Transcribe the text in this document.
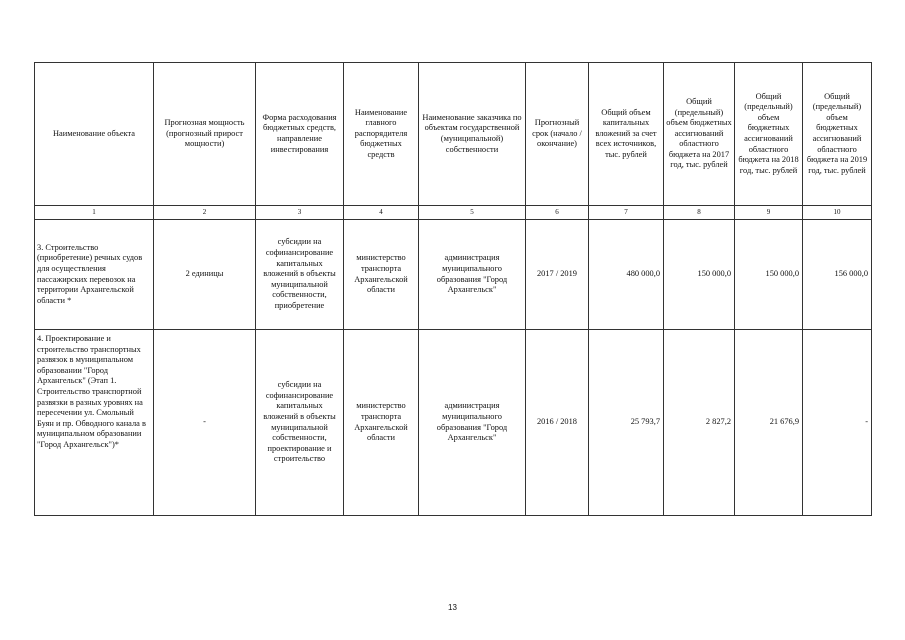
Наименование объекта	Прогнозная мощность (прогнозный прирост мощности)	Форма расходования бюджетных средств, направление инвестирования	Наименование главного распорядителя бюджетных средств	Наименование заказчика по объектам государственной (муниципальной) собственности	Прогнозный срок (начало / окончание)	Общий объем капитальных вложений за счет всех источников, тыс. рублей	Общий (предельный) объем бюджетных ассигнований областного бюджета на 2017 год, тыс. рублей	Общий (предельный) объем бюджетных ассигнований областного бюджета на 2018 год, тыс. рублей	Общий (предельный) объем бюджетных ассигнований областного бюджета на 2019 год, тыс. рублей
1	2	3	4	5	6	7	8	9	10
3. Строительство (приобретение) речных судов для осуществления пассажирских перевозок на территории Архангельской области *	2 единицы	субсидии на софинансирование капитальных вложений в объекты муниципальной собственности, приобретение	министерство транспорта Архангельской области	администрация муниципального образования "Город Архангельск"	2017 / 2019	480 000,0	150 000,0	150 000,0	156 000,0
4. Проектирование и строительство транспортных развязок в муниципальном образовании "Город Архангельск" (Этап 1. Строительство транспортной развязки в разных уровнях на пересечении ул. Смольный Буян и пр. Обводного канала в муниципальном образовании "Город Архангельск")*	-	субсидии на софинансирование капитальных вложений в объекты муниципальной собственности, проектирование и строительство	министерство транспорта Архангельской области	администрация муниципального образования "Город Архангельск"	2016 / 2018	25 793,7	2 827,2	21 676,9	-
13
